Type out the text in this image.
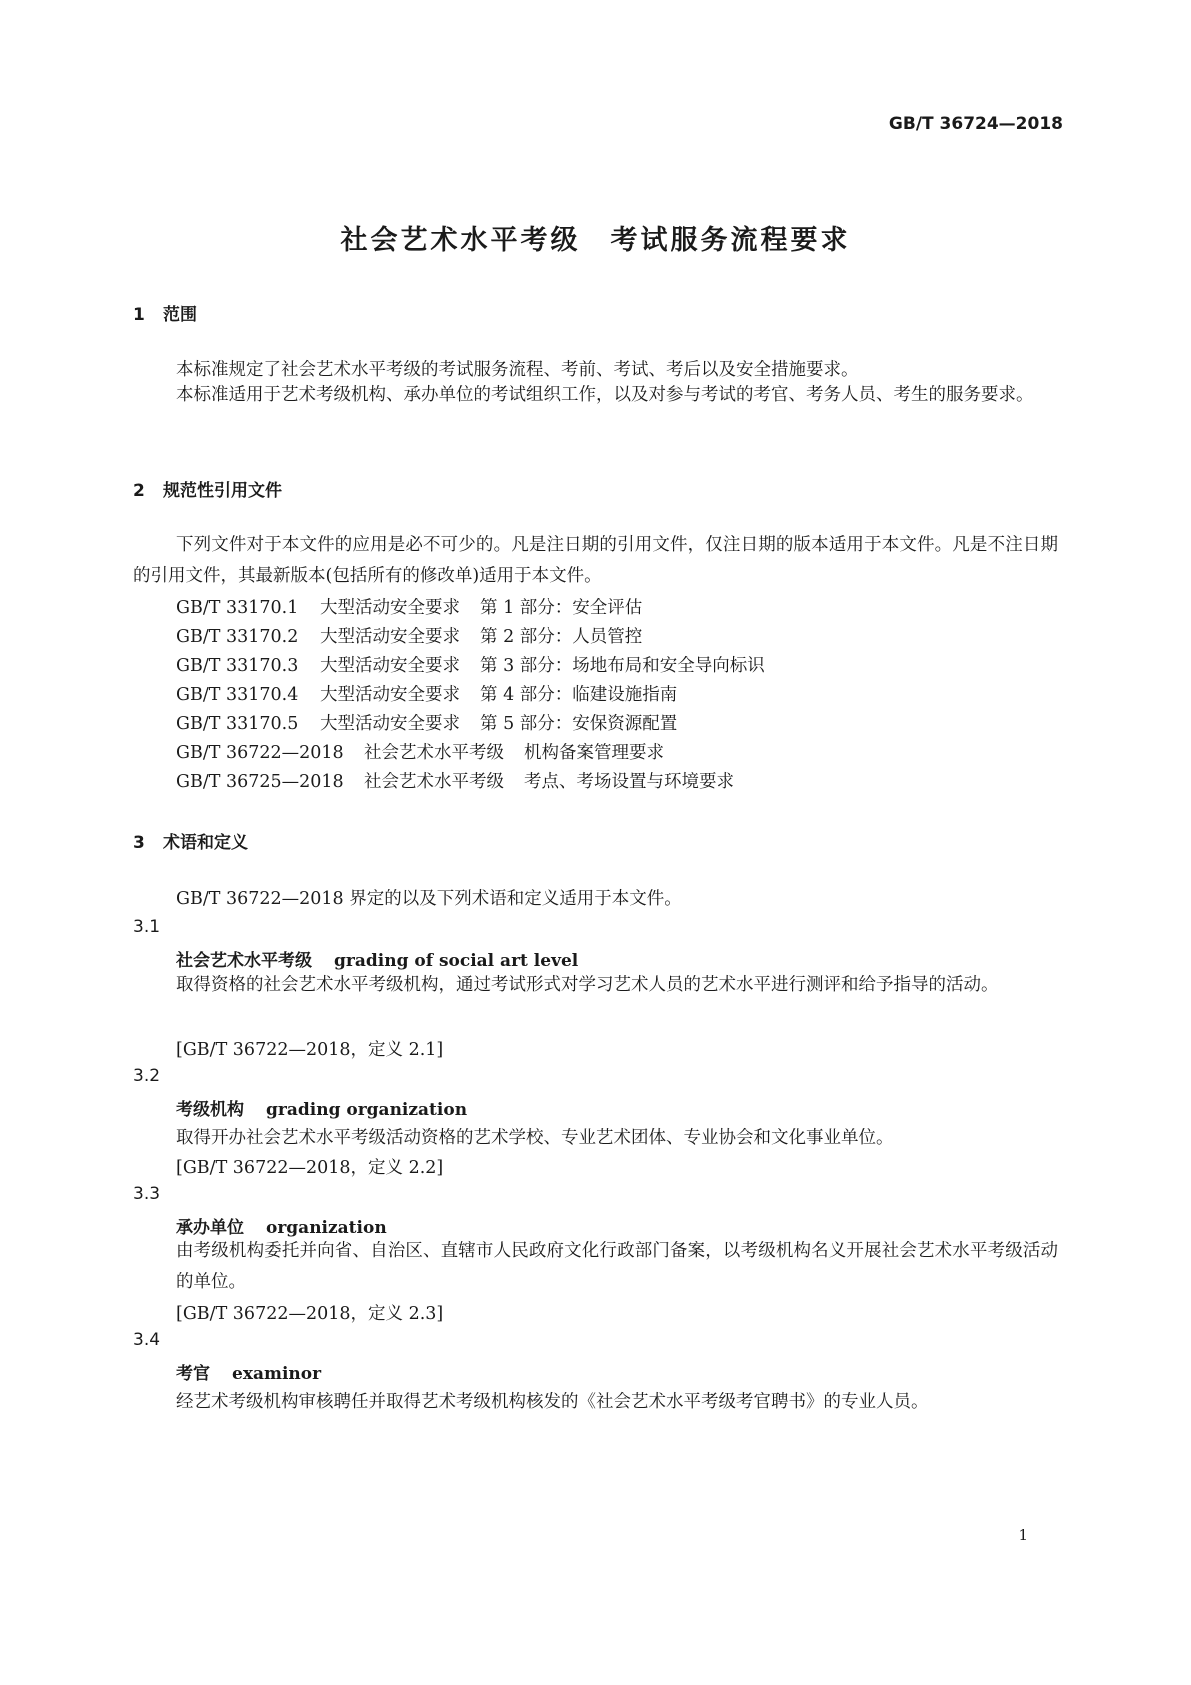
GB/T 36724—2018
社会艺术水平考级　考试服务流程要求
1 范围
本标准规定了社会艺术水平考级的考试服务流程、考前、考试、考后以及安全措施要求。
本标准适用于艺术考级机构、承办单位的考试组织工作，以及对参与考试的考官、考务人员、考生的服务要求。
2 规范性引用文件
下列文件对于本文件的应用是必不可少的。凡是注日期的引用文件，仅注日期的版本适用于本文件。凡是不注日期的引用文件，其最新版本(包括所有的修改单)适用于本文件。
GB/T 33170.1 大型活动安全要求 第 1 部分：安全评估
GB/T 33170.2 大型活动安全要求 第 2 部分：人员管控
GB/T 33170.3 大型活动安全要求 第 3 部分：场地布局和安全导向标识
GB/T 33170.4 大型活动安全要求 第 4 部分：临建设施指南
GB/T 33170.5 大型活动安全要求 第 5 部分：安保资源配置
GB/T 36722—2018 社会艺术水平考级 机构备案管理要求
GB/T 36725—2018 社会艺术水平考级 考点、考场设置与环境要求
3 术语和定义
GB/T 36722—2018 界定的以及下列术语和定义适用于本文件。
3.1
社会艺术水平考级 grading of social art level
取得资格的社会艺术水平考级机构，通过考试形式对学习艺术人员的艺术水平进行测评和给予指导的活动。
[GB/T 36722—2018，定义 2.1]
3.2
考级机构 grading organization
取得开办社会艺术水平考级活动资格的艺术学校、专业艺术团体、专业协会和文化事业单位。
[GB/T 36722—2018，定义 2.2]
3.3
承办单位 organization
由考级机构委托并向省、自治区、直辖市人民政府文化行政部门备案，以考级机构名义开展社会艺术水平考级活动的单位。
[GB/T 36722—2018，定义 2.3]
3.4
考官 examinor
经艺术考级机构审核聘任并取得艺术考级机构核发的《社会艺术水平考级考官聘书》的专业人员。
1
